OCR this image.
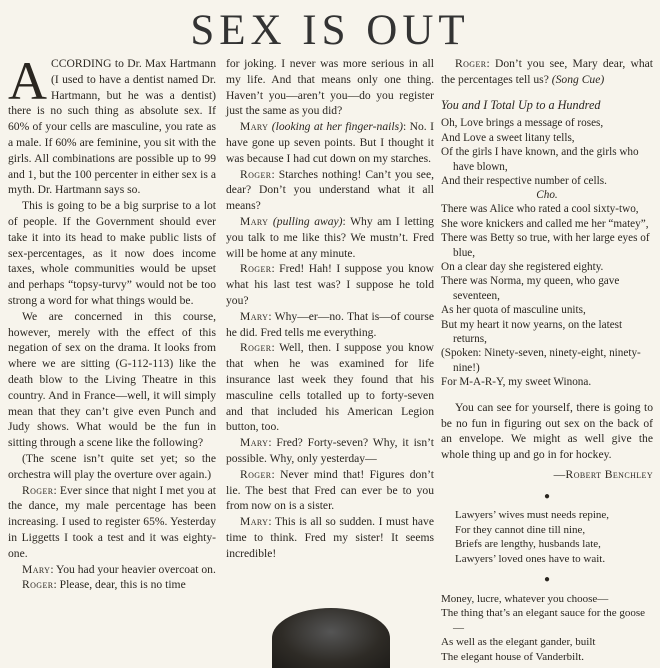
SEX IS OUT

ACCORDING to Dr. Max Hartmann (I used to have a dentist named Dr. Hartmann, but he was a dentist) there is no such thing as absolute sex. If 60% of your cells are masculine, you rate as a male. If 60% are feminine, you sit with the girls. All combinations are possible up to 99 and 1, but the 100 percenter in either sex is a myth. Dr. Hartmann says so.

This is going to be a big surprise to a lot of people. If the Government should ever take it into its head to make public lists of sex-percentages, as it now does income taxes, whole communities would be upset and perhaps “topsy-turvy” would not be too strong a word for what things would be.

We are concerned in this course, however, merely with the effect of this negation of sex on the drama. It looks from where we are sitting (G-112-113) like the death blow to the Living Theatre in this country. And in France—well, it will simply mean that they can’t give even Punch and Judy shows. What would be the fun in sitting through a scene like the following?

(The scene isn’t quite set yet; so the orchestra will play the overture over again.)

Roger: Ever since that night I met you at the dance, my male percentage has been increasing. I used to register 65%. Yesterday in Liggetts I took a test and it was eighty-one.

Mary: You had your heavier overcoat on.

Roger: Please, dear, this is no time

for joking. I never was more serious in all my life. And that means only one thing. Haven’t you—aren’t you—do you register just the same as you did?

Mary (looking at her finger-nails): No. I have gone up seven points. But I thought it was because I had cut down on my starches.

Roger: Starches nothing! Can’t you see, dear? Don’t you understand what it all means?

Mary (pulling away): Why am I letting you talk to me like this? We mustn’t. Fred will be home at any minute.

Roger: Fred! Hah! I suppose you know what his last test was? I suppose he told you?

Mary: Why—er—no. That is—of course he did. Fred tells me everything.

Roger: Well, then. I suppose you know that when he was examined for life insurance last week they found that his masculine cells totalled up to forty-seven and that included his American Legion button, too.

Mary: Fred? Forty-seven? Why, it isn’t possible. Why, only yesterday—

Roger: Never mind that! Figures don’t lie. The best that Fred can ever be to you from now on is a sister.

Mary: This is all so sudden. I must have time to think. Fred my sister! It seems incredible!

Roger: Don’t you see, Mary dear, what the percentages tell us? (Song Cue)

You and I Total Up to a Hundred

Oh, Love brings a message of roses,

And Love a sweet litany tells,

Of the girls I have known, and the girls who have blown,

And their respective number of cells.

Cho.

There was Alice who rated a cool sixty-two,

She wore knickers and called me her “matey”,

There was Betty so true, with her large eyes of blue,

On a clear day she registered eighty.

There was Norma, my queen, who gave seventeen,

As her quota of masculine units,

But my heart it now yearns, on the latest returns,

(Spoken: Ninety-seven, ninety-eight, ninety-nine!)

For M-A-R-Y, my sweet Winona.

You can see for yourself, there is going to be no fun in figuring out sex on the back of an envelope. We might as well give the whole thing up and go in for hockey.

—Robert Benchley

●

Lawyers’ wives must needs repine,

For they cannot dine till nine,

Briefs are lengthy, husbands late,

Lawyers’ loved ones have to wait.

●

Money, lucre, whatever you choose—

The thing that’s an elegant sauce for the goose—

As well as the elegant gander, built

The elegant house of Vanderbilt.
